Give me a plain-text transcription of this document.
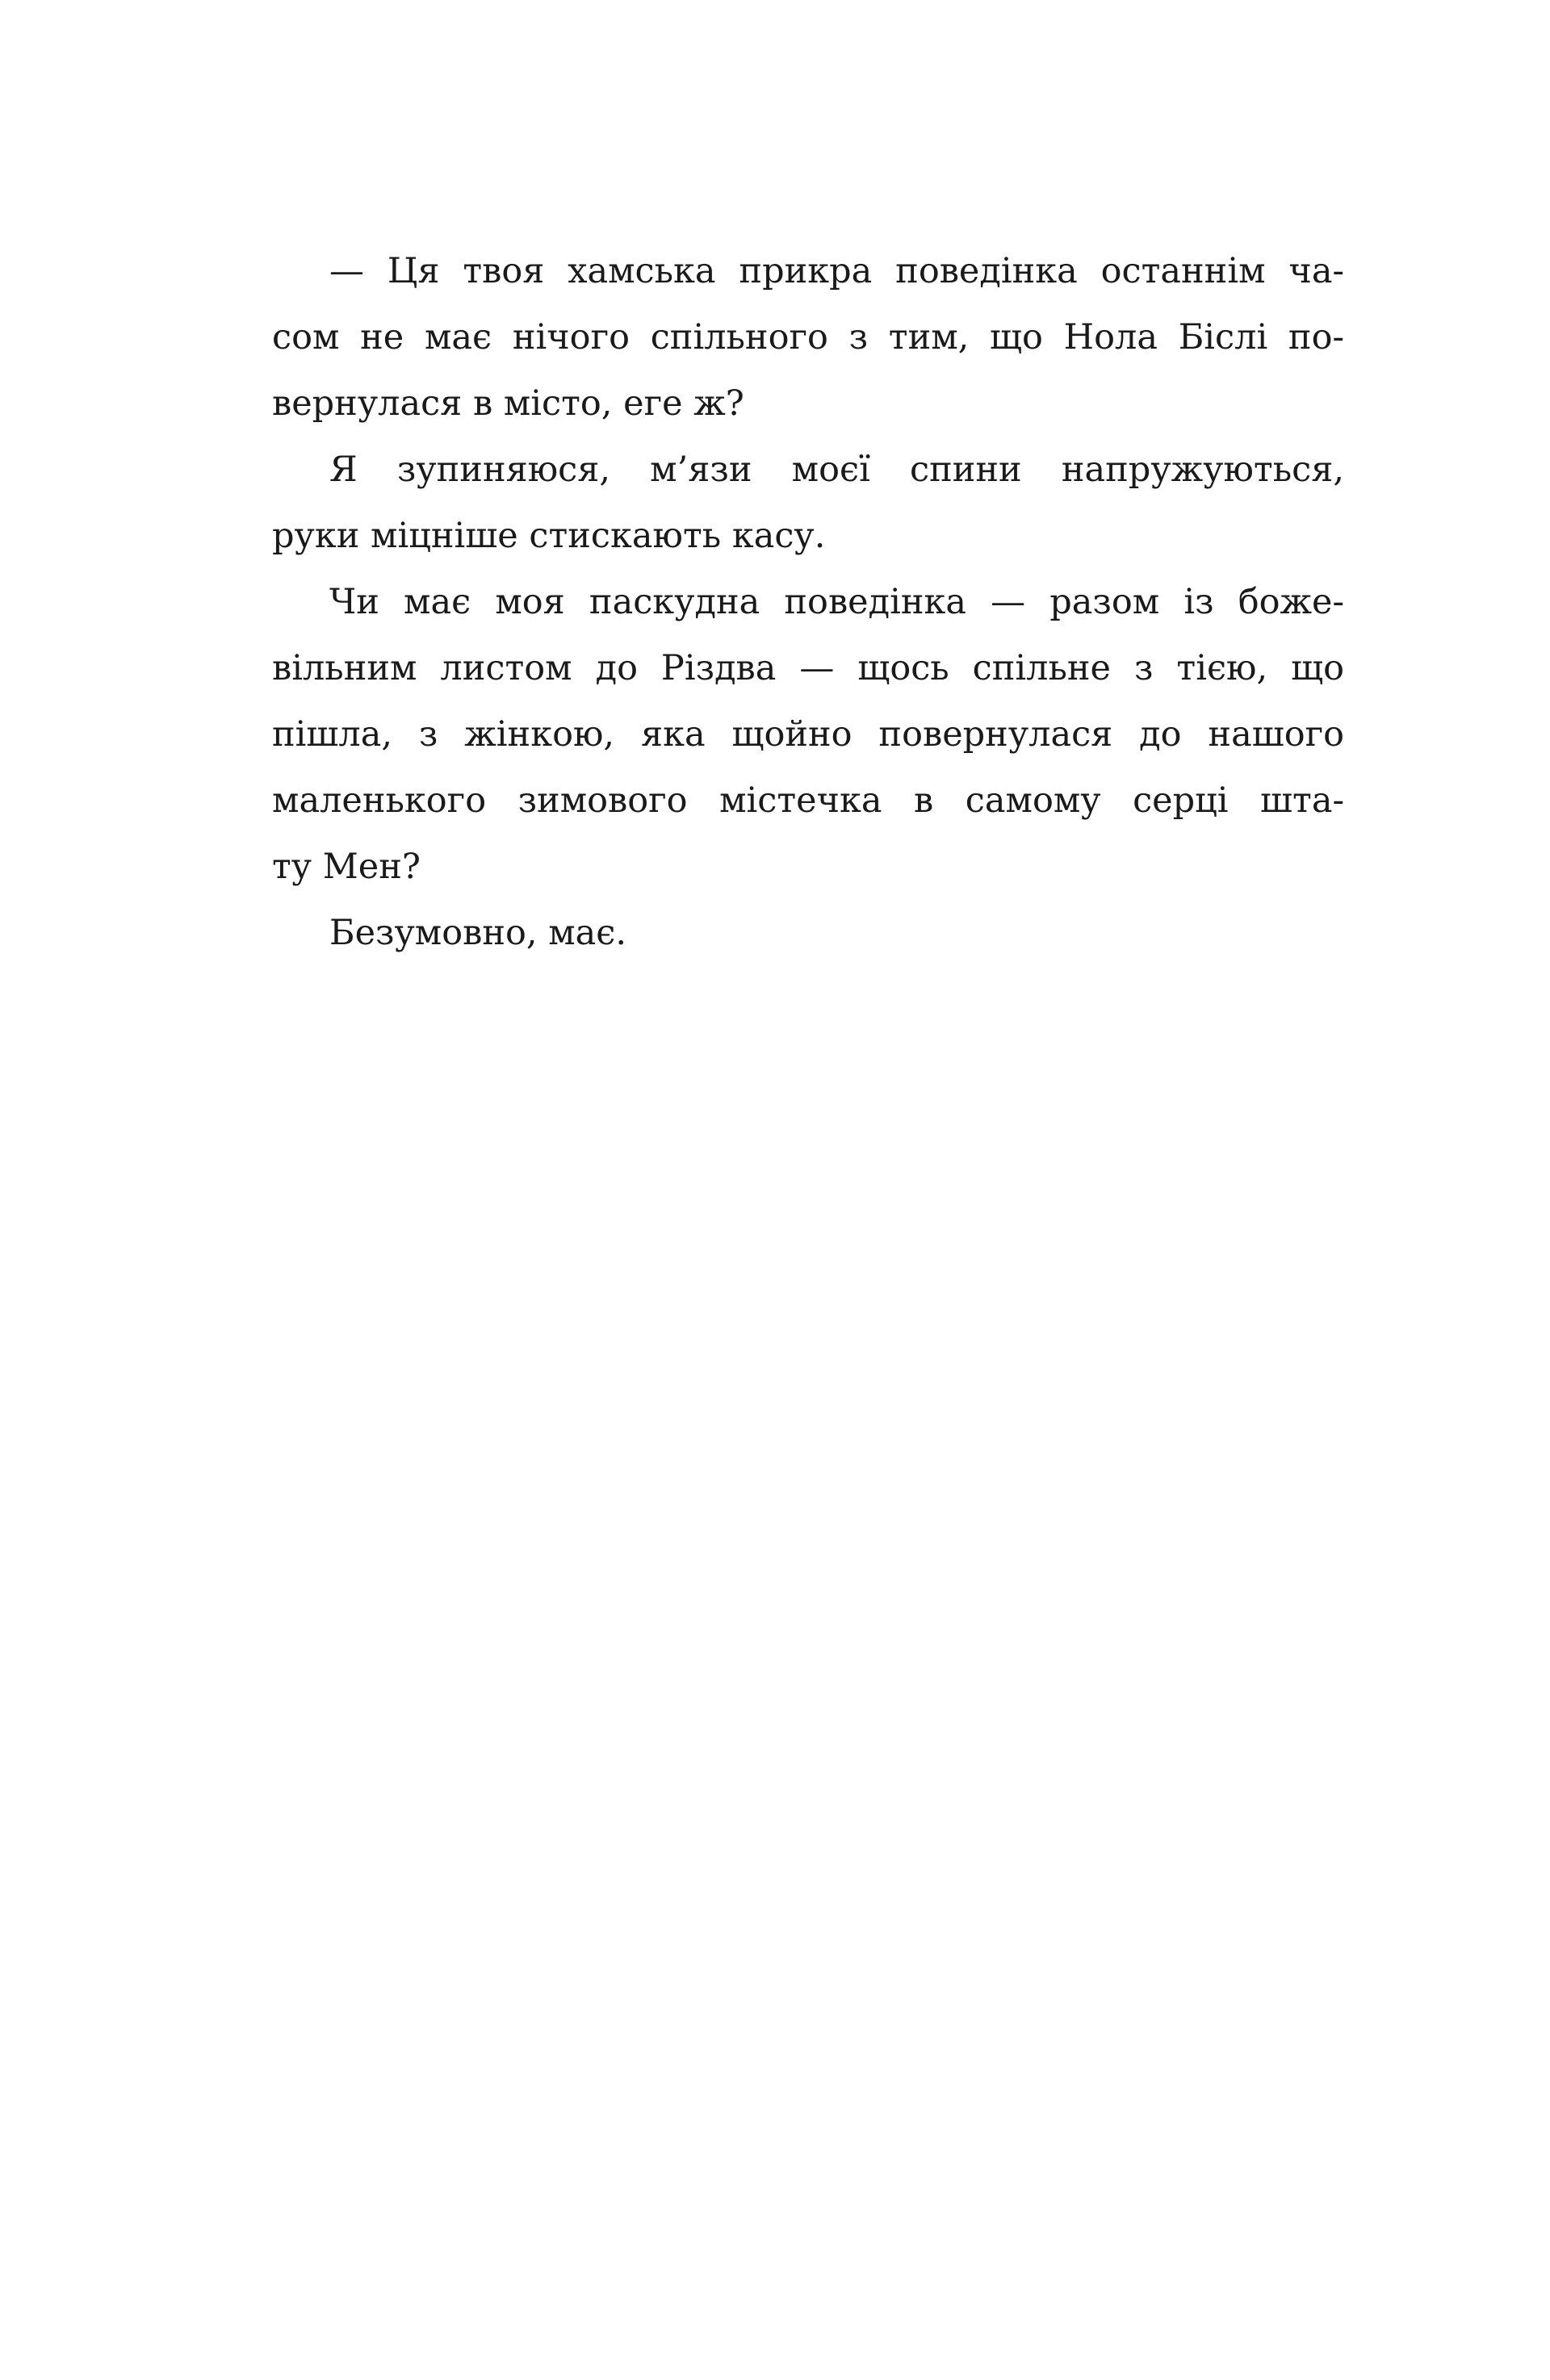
— Ця твоя хамська прикра поведінка останнім ча-
сом не має нічого спільного з тим, що Нола Біслі по-
вернулася в місто, еге ж?
Я зупиняюся, м’язи моєї спини напружуються,
руки міцніше стискають касу.
Чи має моя паскудна поведінка — разом із боже-
вільним листом до Різдва — щось спільне з тією, що
пішла, з жінкою, яка щойно повернулася до нашого
маленького зимового містечка в самому серці шта-
ту Мен?
Безумовно, має.
